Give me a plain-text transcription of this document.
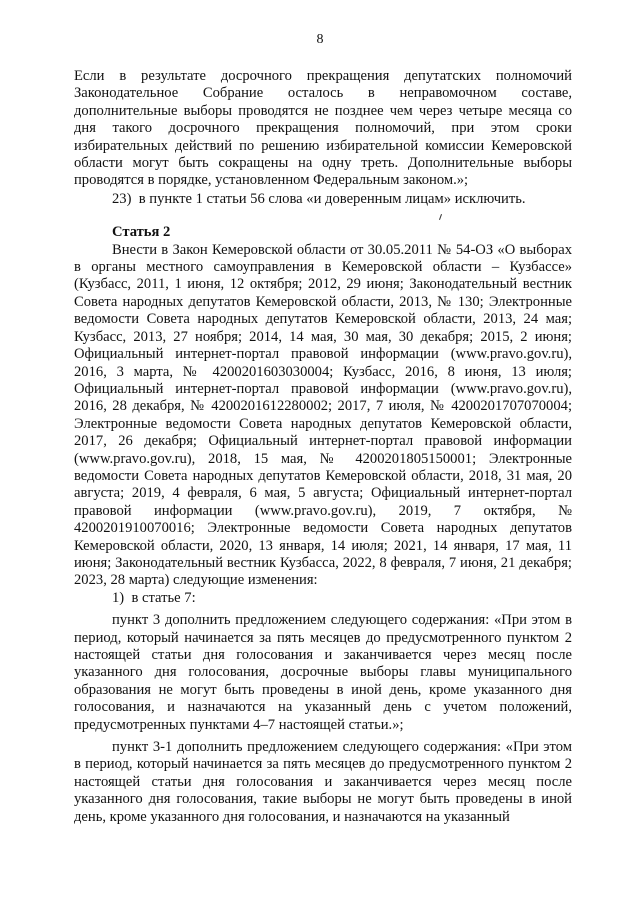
8

Если в результате досрочного прекращения депутатских полномочий Законодательное Собрание осталось в неправомочном составе, дополнительные выборы проводятся не позднее чем через четыре месяца со дня такого досрочного прекращения полномочий, при этом сроки избирательных действий по решению избирательной комиссии Кемеровской области могут быть сокращены на одну треть. Дополнительные выборы проводятся в порядке, установленном Федеральным законом.»;

23)  в пункте 1 статьи 56 слова «и доверенным лицам» исключить.

Статья 2

Внести в Закон Кемеровской области от 30.05.2011 № 54-ОЗ «О выборах в органы местного самоуправления в Кемеровской области – Кузбассе» (Кузбасс, 2011, 1 июня, 12 октября; 2012, 29 июня; Законодательный вестник Совета народных депутатов Кемеровской области, 2013, № 130; Электронные ведомости Совета народных депутатов Кемеровской области, 2013, 24 мая; Кузбасс, 2013, 27 ноября; 2014, 14 мая, 30 мая, 30 декабря; 2015, 2 июня; Официальный интернет-портал правовой информации (www.pravo.gov.ru), 2016, 3 марта, № 4200201603030004; Кузбасс, 2016, 8 июня, 13 июля; Официальный интернет-портал правовой информации (www.pravo.gov.ru), 2016, 28 декабря, № 4200201612280002; 2017, 7 июля, № 4200201707070004; Электронные ведомости Совета народных депутатов Кемеровской области, 2017, 26 декабря; Официальный интернет-портал правовой информации (www.pravo.gov.ru), 2018, 15 мая, № 4200201805150001; Электронные ведомости Совета народных депутатов Кемеровской области, 2018, 31 мая, 20 августа; 2019, 4 февраля, 6 мая, 5 августа; Официальный интернет-портал правовой информации (www.pravo.gov.ru), 2019, 7 октября, № 4200201910070016; Электронные ведомости Совета народных депутатов Кемеровской области, 2020, 13 января, 14 июля; 2021, 14 января, 17 мая, 11 июня; Законодательный вестник Кузбасса, 2022, 8 февраля, 7 июня, 21 декабря; 2023, 28 марта) следующие изменения:

1)  в статье 7:

пункт 3 дополнить предложением следующего содержания: «При этом в период, который начинается за пять месяцев до предусмотренного пунктом 2 настоящей статьи дня голосования и заканчивается через месяц после указанного дня голосования, досрочные выборы главы муниципального образования не могут быть проведены в иной день, кроме указанного дня голосования, и назначаются на указанный день с учетом положений, предусмотренных пунктами 4–7 настоящей статьи.»;

пункт 3-1 дополнить предложением следующего содержания: «При этом в период, который начинается за пять месяцев до предусмотренного пунктом 2 настоящей статьи дня голосования и заканчивается через месяц после указанного дня голосования, такие выборы не могут быть проведены в иной день, кроме указанного дня голосования, и назначаются на указанный
